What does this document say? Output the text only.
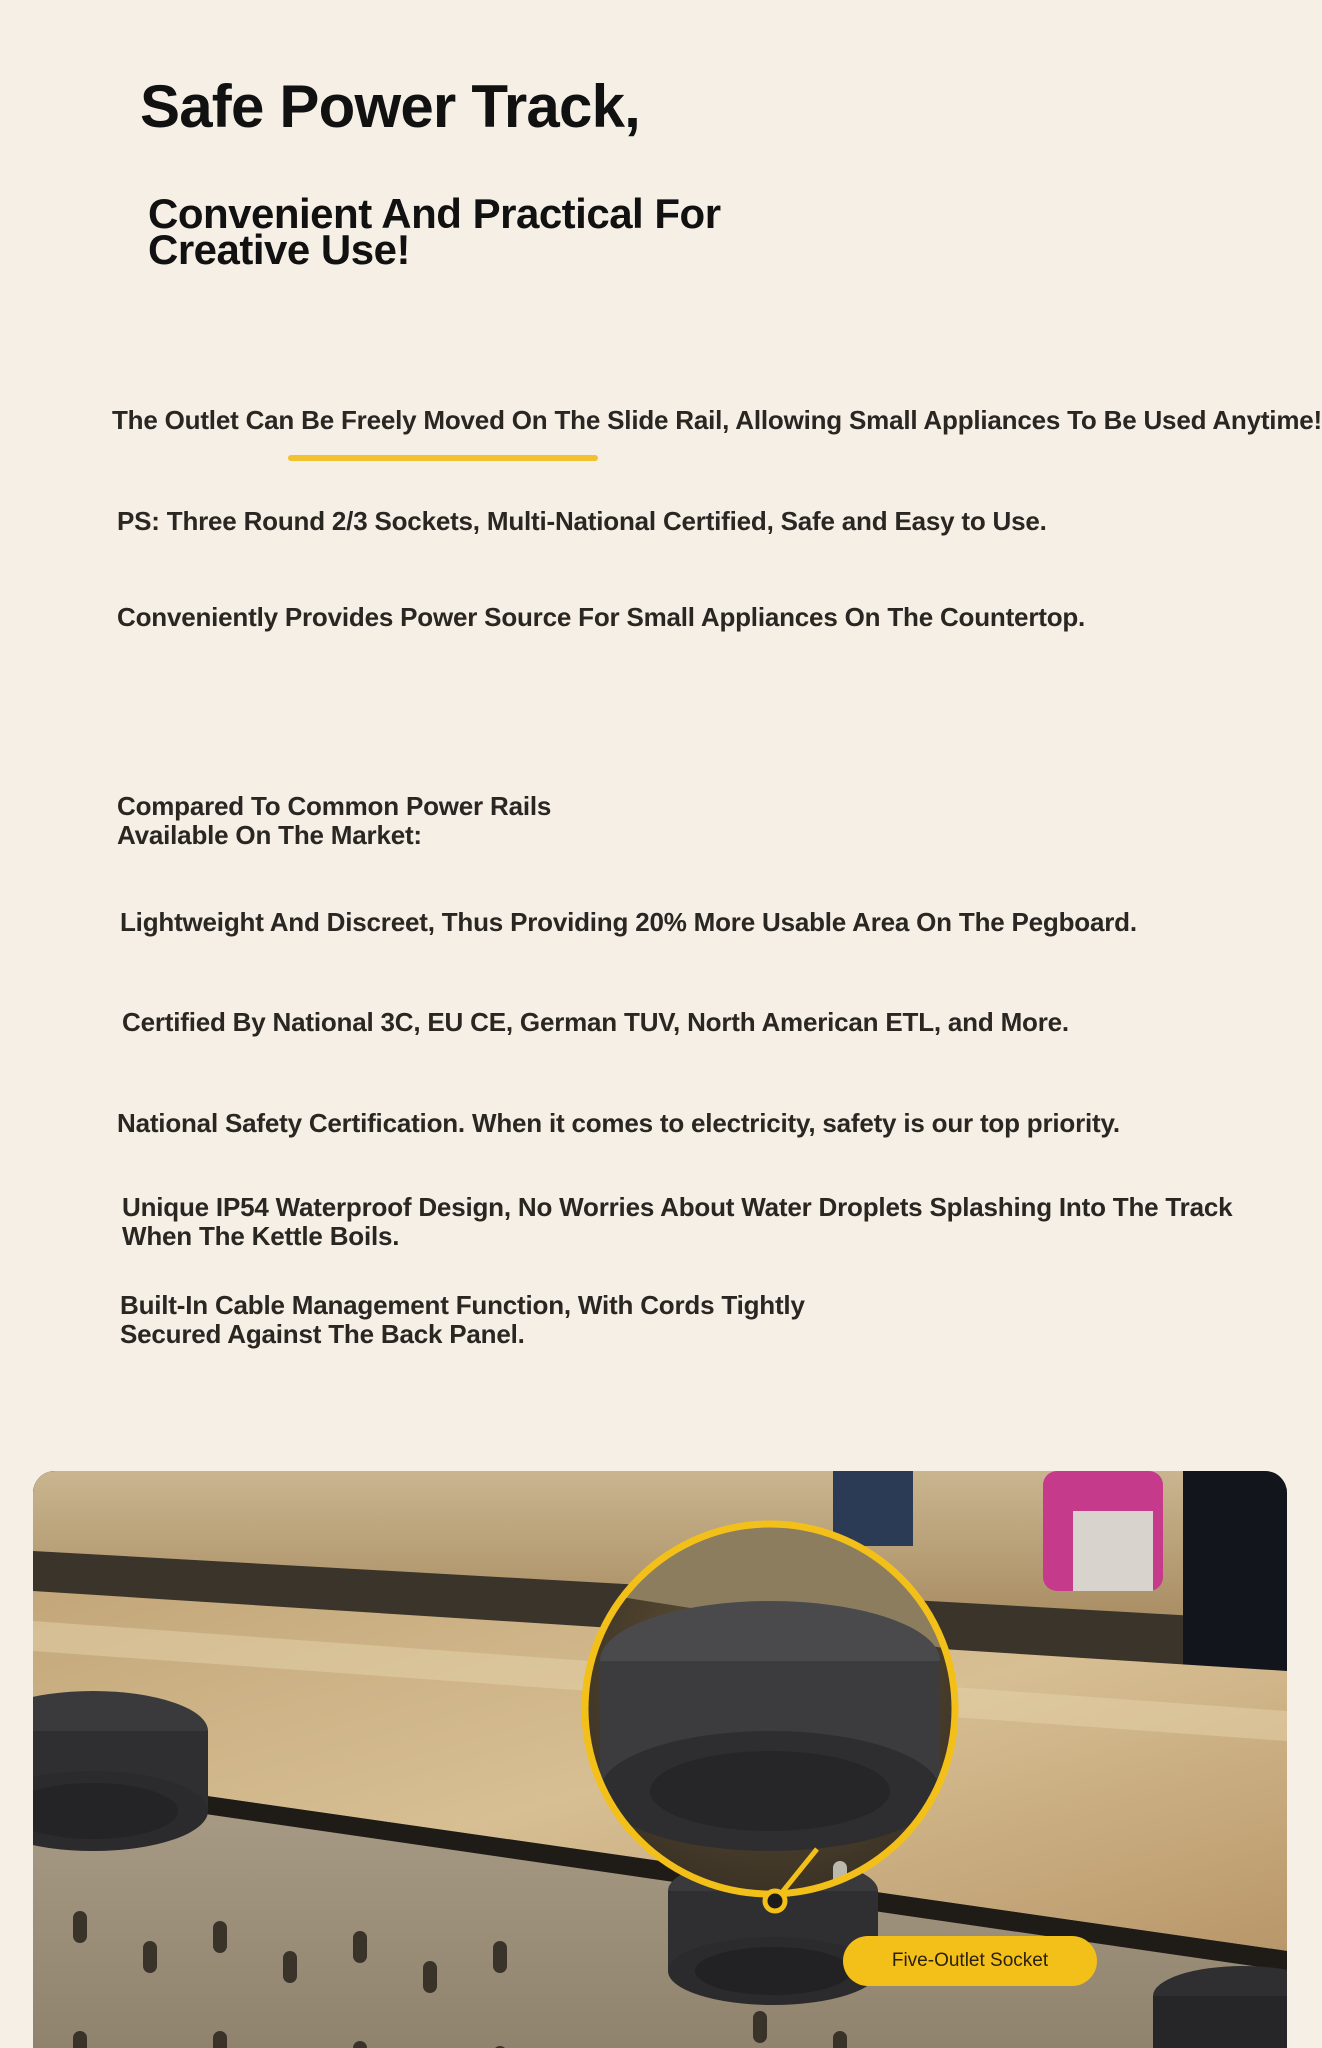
Safe Power Track,
Convenient And Practical For
Creative Use!
The Outlet Can Be Freely Moved On The Slide Rail, Allowing Small Appliances To Be Used Anytime!
PS: Three Round 2/3 Sockets, Multi-National Certified, Safe and Easy to Use.
Conveniently Provides Power Source For Small Appliances On The Countertop.
Compared To Common Power Rails
Available On The Market:
Lightweight And Discreet, Thus Providing 20% More Usable Area On The Pegboard.
Certified By National 3C, EU CE, German TUV, North American ETL, and More.
National Safety Certification. When it comes to electricity, safety is our top priority.
Unique IP54 Waterproof Design, No Worries About Water Droplets Splashing Into The Track
When The Kettle Boils.
Built-In Cable Management Function, With Cords Tightly
Secured Against The Back Panel.
Five-Outlet Socket
